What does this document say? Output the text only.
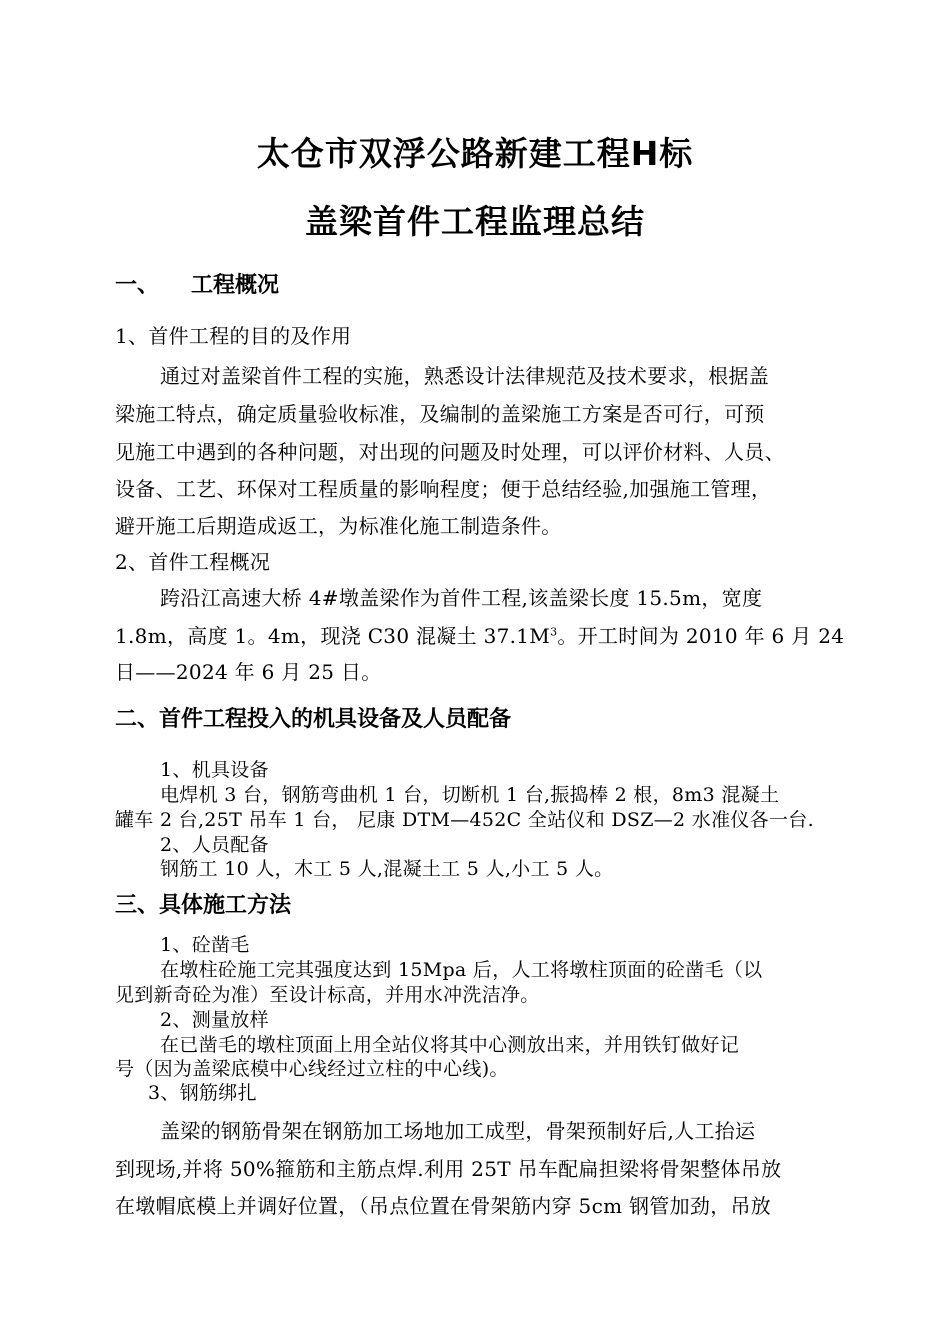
太仓市双浮公路新建工程H标
盖梁首件工程监理总结
一、 工程概况
1、首件工程的目的及作用
通过对盖梁首件工程的实施，熟悉设计法律规范及技术要求，根据盖
梁施工特点，确定质量验收标准，及编制的盖梁施工方案是否可行，可预
见施工中遇到的各种问题，对出现的问题及时处理，可以评价材料、人员、
设备、工艺、环保对工程质量的影响程度；便于总结经验,加强施工管理，
避开施工后期造成返工，为标准化施工制造条件。
2、首件工程概况
跨沿江高速大桥 4#墩盖梁作为首件工程,该盖梁长度 15.5m，宽度
1.8m，高度 1。4m，现浇 C30 混凝土 $37.1M^3$。开工时间为 2010 年 6 月 24
日——2024 年 6 月 25 日。
二、首件工程投入的机具设备及人员配备
1、机具设备
电焊机 3 台，钢筋弯曲机 1 台，切断机 1 台,振捣棒 2 根，8m3 混凝土
罐车 2 台,25T 吊车 1 台， 尼康 DTM—452C 全站仪和 DSZ—2 水准仪各一台.
2、人员配备
钢筋工 10 人，木工 5 人,混凝土工 5 人,小工 5 人。
三、具体施工方法
1、砼凿毛
在墩柱砼施工完其强度达到 15Mpa 后，人工将墩柱顶面的砼凿毛（以
见到新奇砼为准）至设计标高，并用水冲洗洁净。
2、测量放样
在已凿毛的墩柱顶面上用全站仪将其中心测放出来，并用铁钉做好记
号（因为盖梁底模中心线经过立柱的中心线)。
3、钢筋绑扎
盖梁的钢筋骨架在钢筋加工场地加工成型，骨架预制好后,人工抬运
到现场,并将 50%箍筋和主筋点焊.利用 25T 吊车配扁担梁将骨架整体吊放
在墩帽底模上并调好位置，（吊点位置在骨架筋内穿 5cm 钢管加劲，吊放
